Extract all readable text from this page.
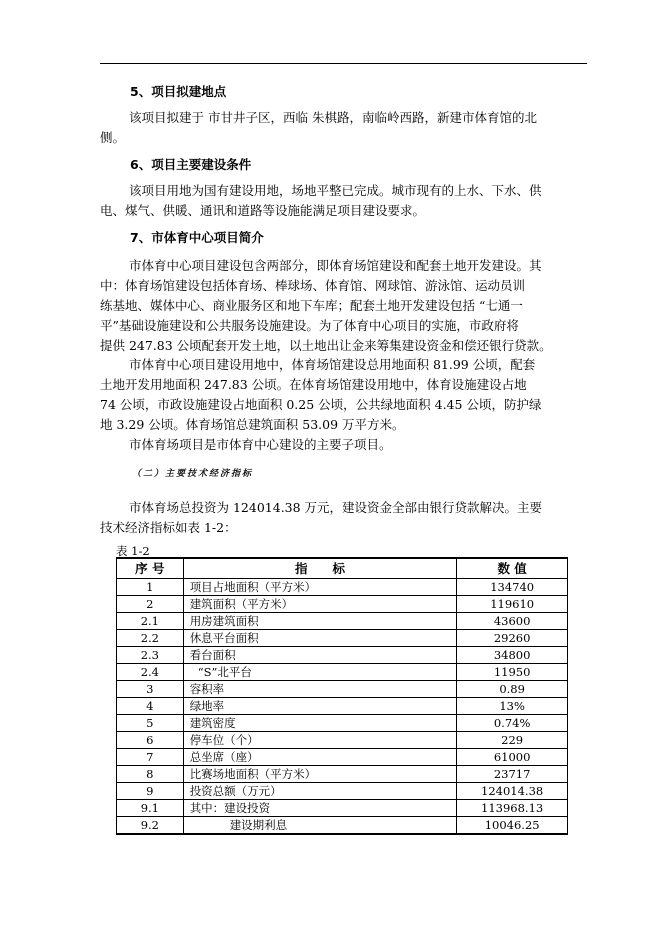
5、项目拟建地点
该项目拟建于 市甘井子区，西临 朱棋路，南临岭西路，新建市体育馆的北
侧。
6、项目主要建设条件
该项目用地为国有建设用地，场地平整已完成。城市现有的上水、下水、供
电、煤气、供暖、通讯和道路等设施能满足项目建设要求。
7、市体育中心项目简介
市体育中心项目建设包含两部分，即体育场馆建设和配套土地开发建设。其
中：体育场馆建设包括体育场、棒球场、体育馆、网球馆、游泳馆、运动员训
练基地、媒体中心、商业服务区和地下车库；配套土地开发建设包括 “七通一
平”基础设施建设和公共服务设施建设。为了体育中心项目的实施，市政府将
提供 247.83 公顷配套开发土地，以土地出让金来筹集建设资金和偿还银行贷款。
市体育中心项目建设用地中，体育场馆建设总用地面积 81.99 公顷，配套
土地开发用地面积 247.83 公顷。在体育场馆建设用地中，体育设施建设占地
74 公顷，市政设施建设占地面积 0.25 公顷，公共绿地面积 4.45 公顷，防护绿
地 3.29 公顷。体育场馆总建筑面积 53.09 万平方米。
市体育场项目是市体育中心建设的主要子项目。
（二）主要技术经济指标
市体育场总投资为 124014.38 万元，建设资金全部由银行贷款解决。主要
技术经济指标如表 1-2：
表 1-2
序 号	指　　标	数 值
1	项目占地面积（平方米）	134740
2	建筑面积（平方米）	119610
2.1	用房建筑面积	43600
2.2	休息平台面积	29260
2.3	看台面积	34800
2.4	“S”北平台	11950
3	容积率	0.89
4	绿地率	13%
5	建筑密度	0.74%
6	停车位（个）	229
7	总坐席（座）	61000
8	比赛场地面积（平方米）	23717
9	投资总额（万元）	124014.38
9.1	其中：建设投资	113968.13
9.2	建设期利息	10046.25
